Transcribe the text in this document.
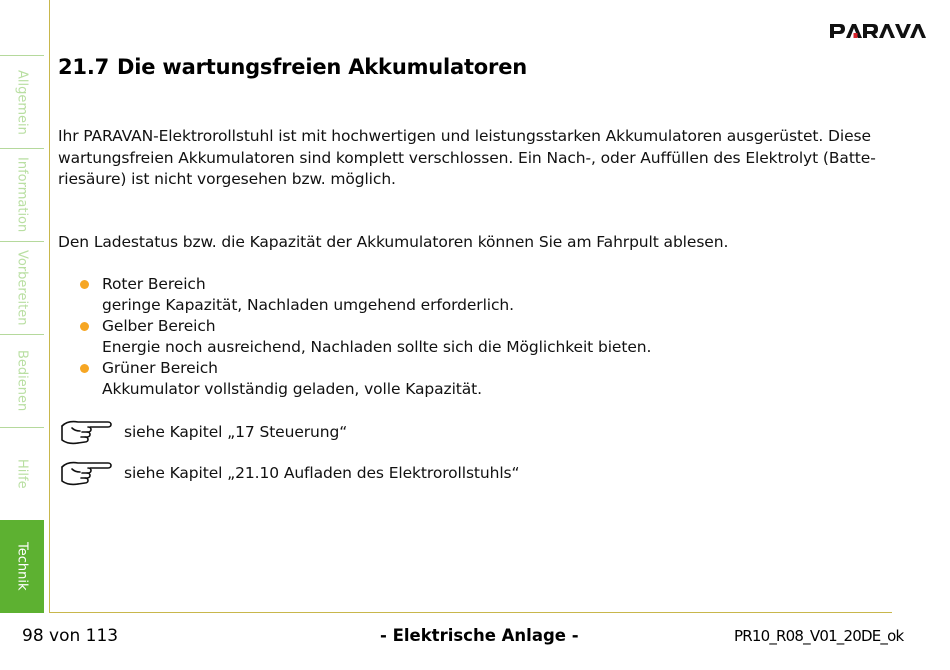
Allgemein
Information
Vorbereiten
Bedienen
Hilfe
Technik
21.7 Die wartungsfreien Akkumulatoren
Ihr PARAVAN-Elektrorollstuhl ist mit hochwertigen und leistungsstarken Akkumulatoren ausgerüstet. Diese
wartungsfreien Akkumulatoren sind komplett verschlossen. Ein Nach-, oder Auffüllen des Elektrolyt (Batte-
riesäure) ist nicht vorgesehen bzw. möglich.
Den Ladestatus bzw. die Kapazität der Akkumulatoren können Sie am Fahrpult ablesen.
Roter Bereich
geringe Kapazität, Nachladen umgehend erforderlich.
Gelber Bereich
Energie noch ausreichend, Nachladen sollte sich die Möglichkeit bieten.
Grüner Bereich
Akkumulator vollständig geladen, volle Kapazität.
siehe Kapitel „17 Steuerung“
siehe Kapitel „21.10 Aufladen des Elektrorollstuhls“
98 von 113	- Elektrische Anlage -	PR10_R08_V01_20DE_ok
